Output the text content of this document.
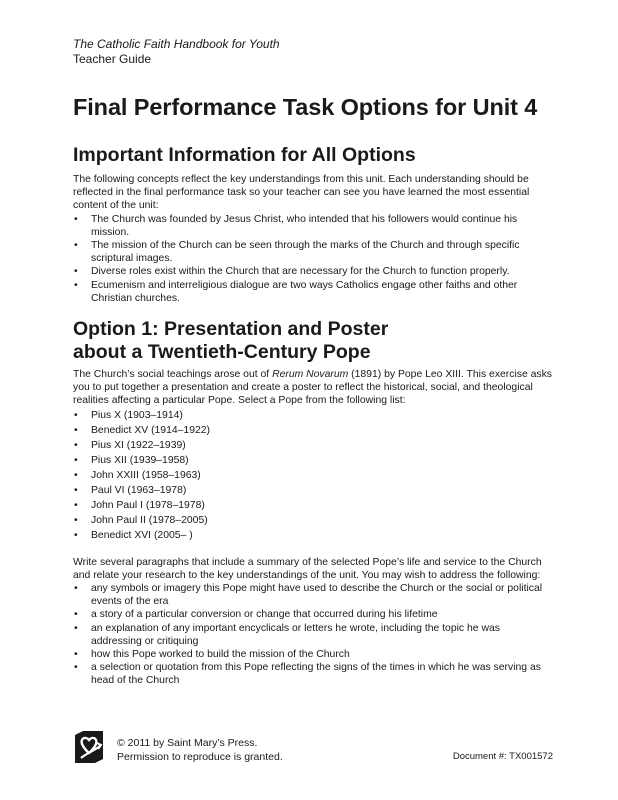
The Catholic Faith Handbook for Youth
Teacher Guide
Final Performance Task Options for Unit 4
Important Information for All Options

The following concepts reflect the key understandings from this unit. Each understanding should be reflected in the final performance task so your teacher can see you have learned the most essential content of the unit:

• The Church was founded by Jesus Christ, who intended that his followers would continue his mission.
• The mission of the Church can be seen through the marks of the Church and through specific scriptural images.
• Diverse roles exist within the Church that are necessary for the Church to function properly.
• Ecumenism and interreligious dialogue are two ways Catholics engage other faiths and other Christian churches.
Option 1: Presentation and Poster
about a Twentieth-Century Pope

The Church’s social teachings arose out of Rerum Novarum (1891) by Pope Leo XIII. This exercise asks you to put together a presentation and create a poster to reflect the historical, social, and theological realities affecting a particular Pope. Select a Pope from the following list:

• Pius X (1903–1914)
• Benedict XV (1914–1922)
• Pius XI (1922–1939)
• Pius XII (1939–1958)
• John XXIII (1958–1963)
• Paul VI (1963–1978)
• John Paul I (1978–1978)
• John Paul II (1978–2005)
• Benedict XVI (2005– )

Write several paragraphs that include a summary of the selected Pope’s life and service to the Church and relate your research to the key understandings of the unit. You may wish to address the following:

• any symbols or imagery this Pope might have used to describe the Church or the social or political events of the era
• a story of a particular conversion or change that occurred during his lifetime
• an explanation of any important encyclicals or letters he wrote, including the topic he was addressing or critiquing
• how this Pope worked to build the mission of the Church
• a selection or quotation from this Pope reflecting the signs of the times in which he was serving as head of the Church
© 2011 by Saint Mary’s Press.
Permission to reproduce is granted.	Document #: TX001572
